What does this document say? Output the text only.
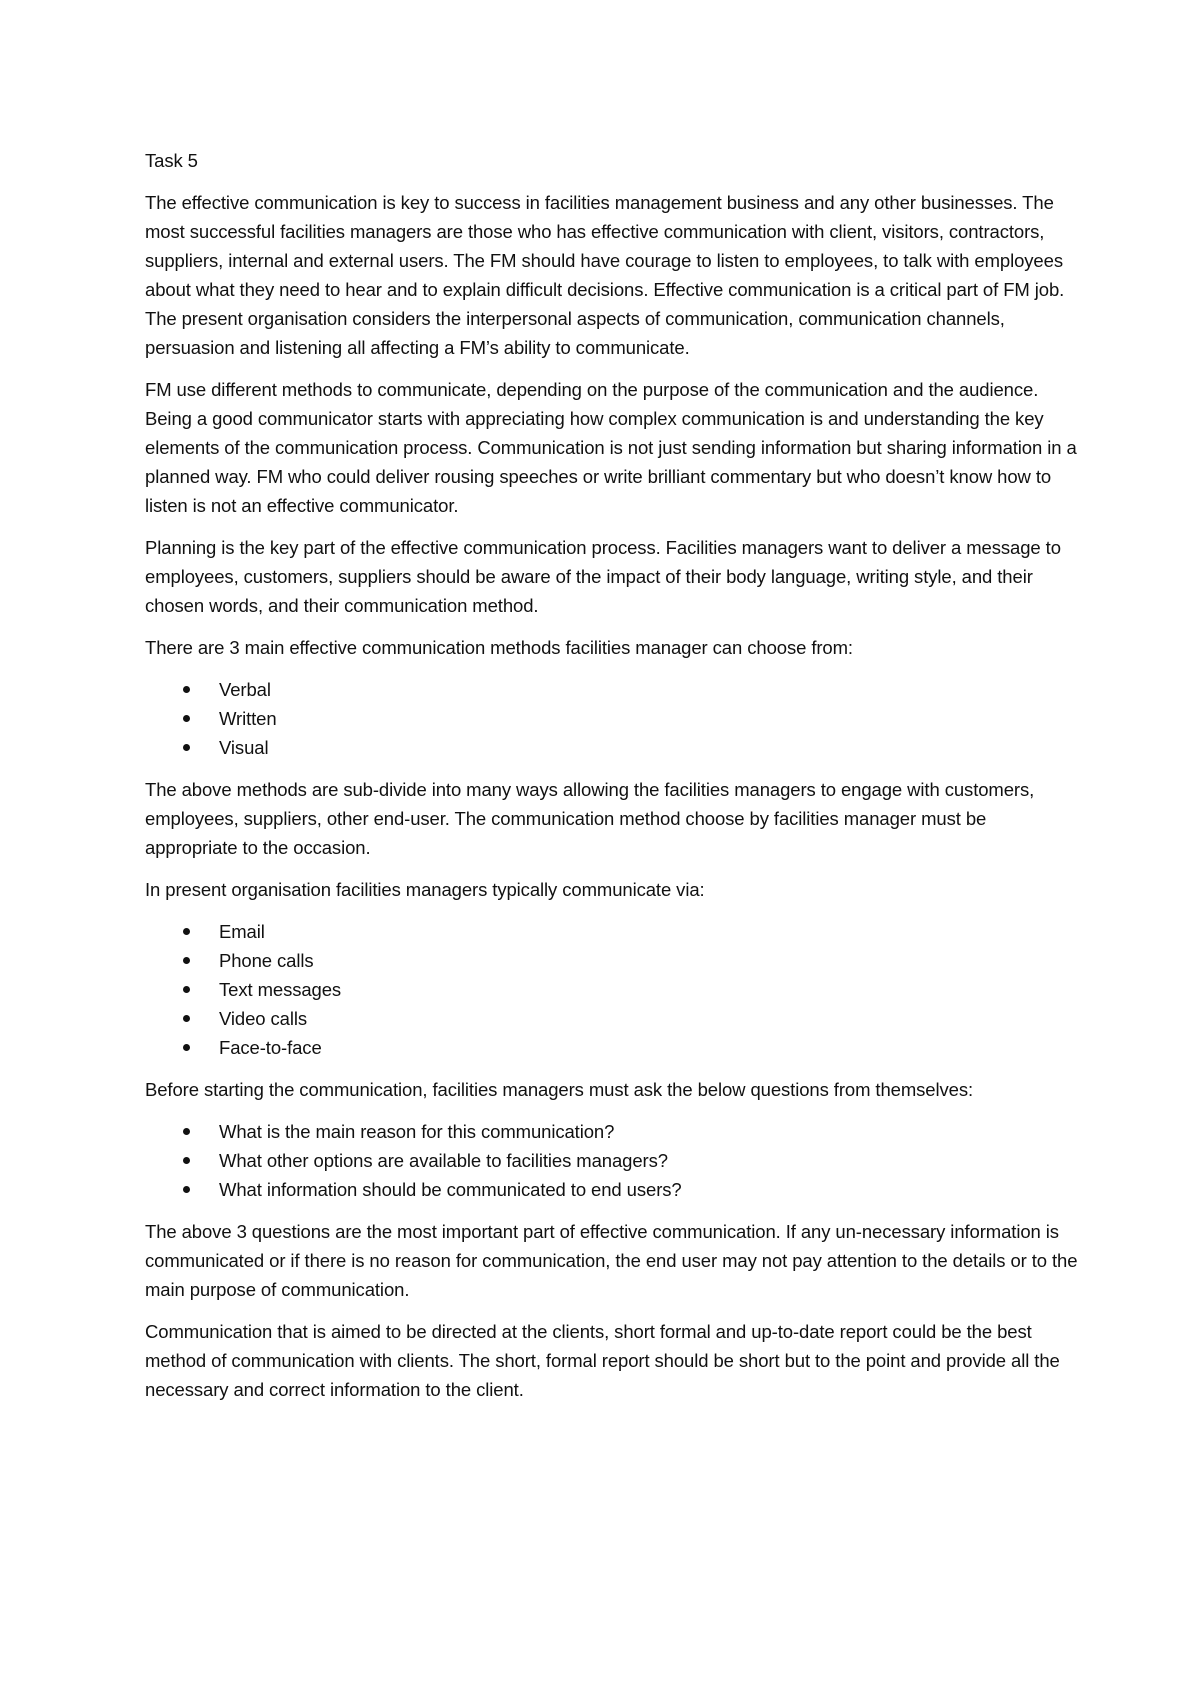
Task 5

The effective communication is key to success in facilities management business and any other businesses. The most successful facilities managers are those who has effective communication with client, visitors, contractors, suppliers, internal and external users. The FM should have courage to listen to employees, to talk with employees about what they need to hear and to explain difficult decisions. Effective communication is a critical part of FM job. The present organisation considers the interpersonal aspects of communication, communication channels, persuasion and listening all affecting a FM’s ability to communicate.

FM use different methods to communicate, depending on the purpose of the communication and the audience. Being a good communicator starts with appreciating how complex communication is and understanding the key elements of the communication process. Communication is not just sending information but sharing information in a planned way. FM who could deliver rousing speeches or write brilliant commentary but who doesn’t know how to listen is not an effective communicator.

Planning is the key part of the effective communication process. Facilities managers want to deliver a message to employees, customers, suppliers should be aware of the impact of their body language, writing style, and their chosen words, and their communication method.

There are 3 main effective communication methods facilities manager can choose from:

Verbal
Written
Visual

The above methods are sub-divide into many ways allowing the facilities managers to engage with customers, employees, suppliers, other end-user. The communication method choose by facilities manager must be appropriate to the occasion.

In present organisation facilities managers typically communicate via:

Email
Phone calls
Text messages
Video calls
Face-to-face

Before starting the communication, facilities managers must ask the below questions from themselves:

What is the main reason for this communication?
What other options are available to facilities managers?
What information should be communicated to end users?

The above 3 questions are the most important part of effective communication. If any un-necessary information is communicated or if there is no reason for communication, the end user may not pay attention to the details or to the main purpose of communication.

Communication that is aimed to be directed at the clients, short formal and up-to-date report could be the best method of communication with clients. The short, formal report should be short but to the point and provide all the necessary and correct information to the client.
